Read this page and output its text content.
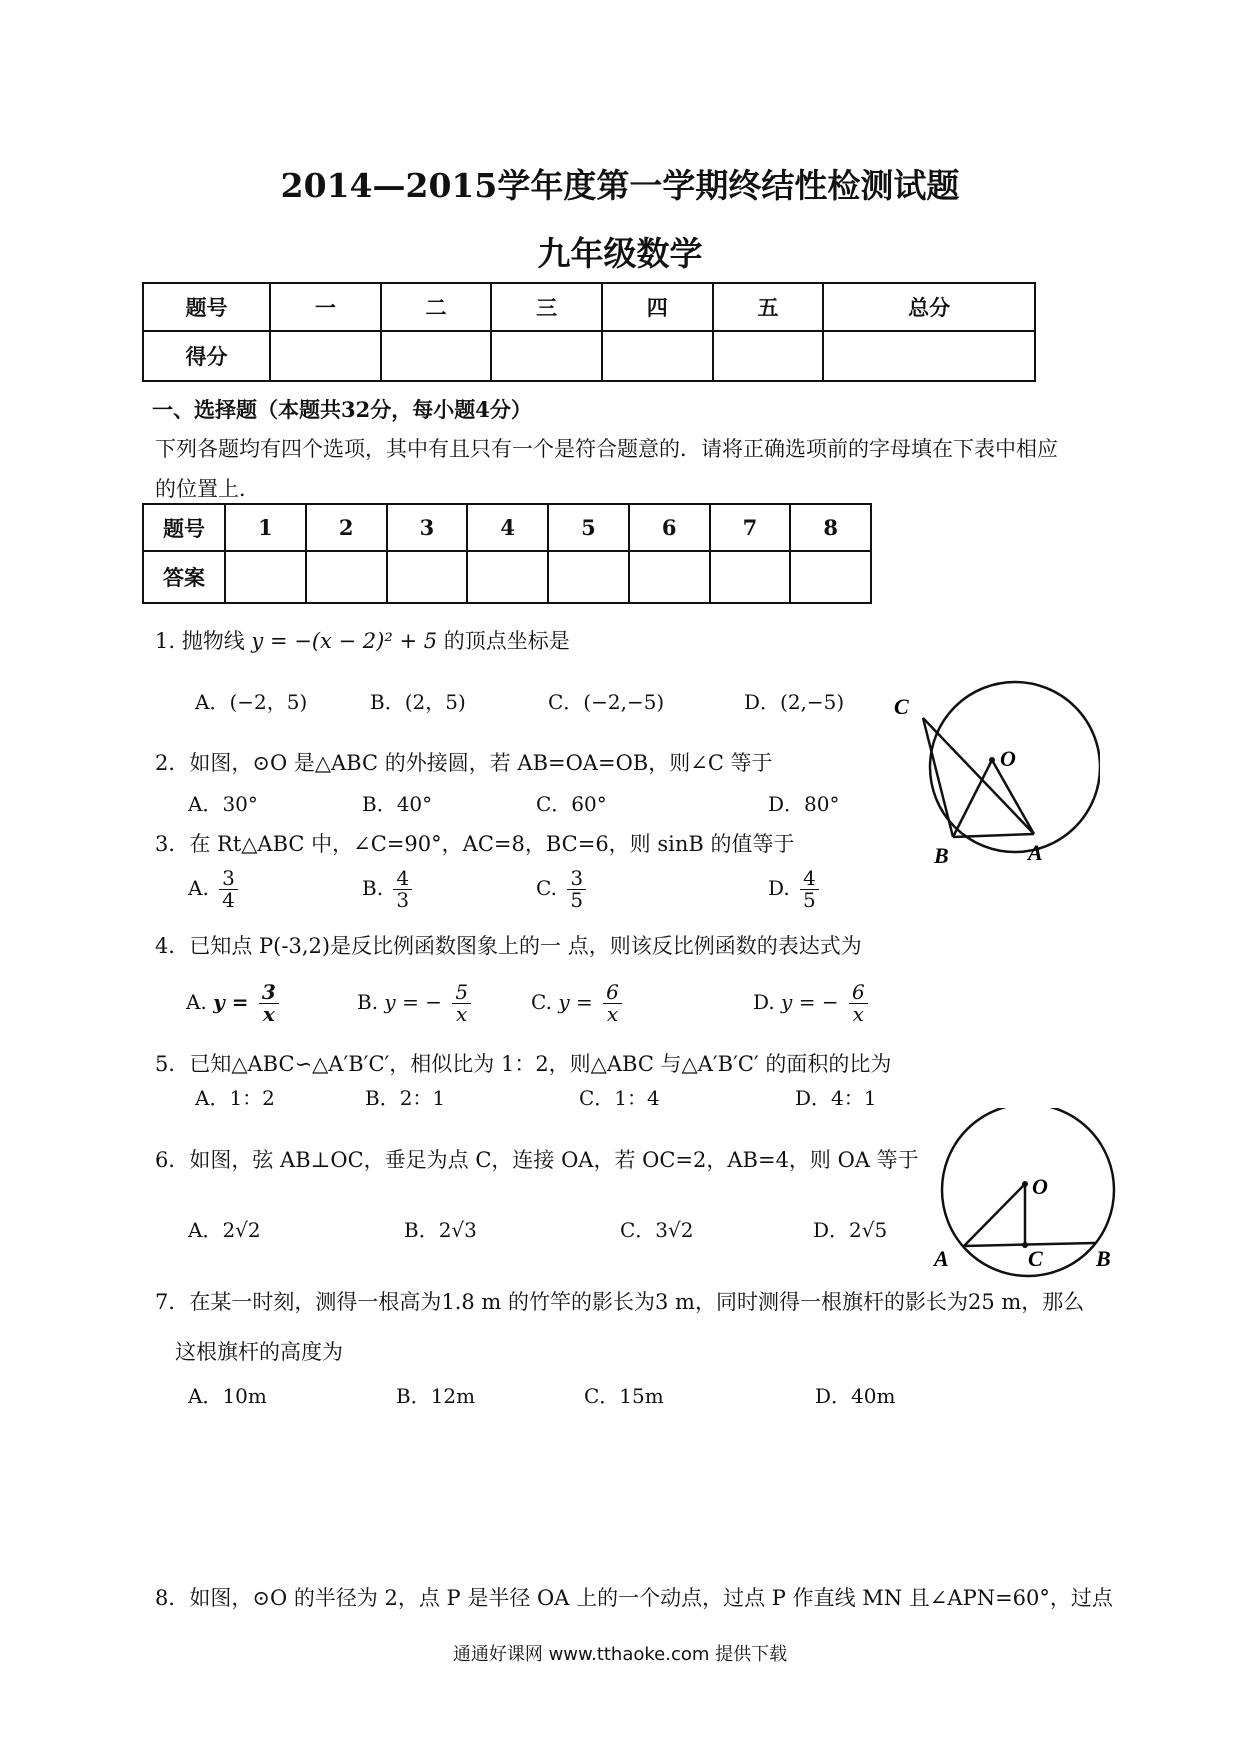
2014—2015学年度第一学期终结性检测试题
九年级数学
题号	一	二	三	四	五	总分
得分						
一、选择题（本题共32分，每小题4分）
下列各题均有四个选项，其中有且只有一个是符合题意的．请将正确选项前的字母填在下表中相应
的位置上．
题号	1	2	3	4	5	6	7	8
答案								
1. 抛物线 y = −(x − 2)² + 5 的顶点坐标是
A．(−2，5)	B．(2，5)	C．(−2,−5)	D．(2,−5)
2．如图，⊙O 是△ABC 的外接圆，若 AB=OA=OB，则∠C 等于
A．30°	B．40°	C．60°	D．80°
C
O
B	A
3．在 Rt△ABC 中，∠C=90°，AC=8，BC=6，则 sinB 的值等于
A. $\frac{3}{4}$	B. $\frac{4}{3}$	C. $\frac{3}{5}$	D. $\frac{4}{5}$
4．已知点 P(-3,2)是反比例函数图象上的一 点，则该反比例函数的表达式为
A. $y = \frac{3}{x}$	B. y = − $\frac{5}{x}$	C. $y = \frac{6}{x}$	D. y = − $\frac{6}{x}$
5．已知△ABC∽△A′B′C′，相似比为 1：2，则△ABC 与△A′B′C′ 的面积的比为
A．1：2	B．2：1	C．1：4	D．4：1
6．如图，弦 AB⊥OC，垂足为点 C，连接 OA，若 OC=2，AB=4，则 OA 等于
A．2√2	B．2√3	C．3√2	D．2√5
O
A	C B
7．在某一时刻，测得一根高为1.8 m 的竹竿的影长为3 m，同时测得一根旗杆的影长为25 m，那么
这根旗杆的高度为
A．10m	B．12m	C．15m	D．40m
8．如图，⊙O 的半径为 2，点 P 是半径 OA 上的一个动点，过点 P 作直线 MN 且∠APN=60°，过点
通通好课网 www.tthaoke.com 提供下载
